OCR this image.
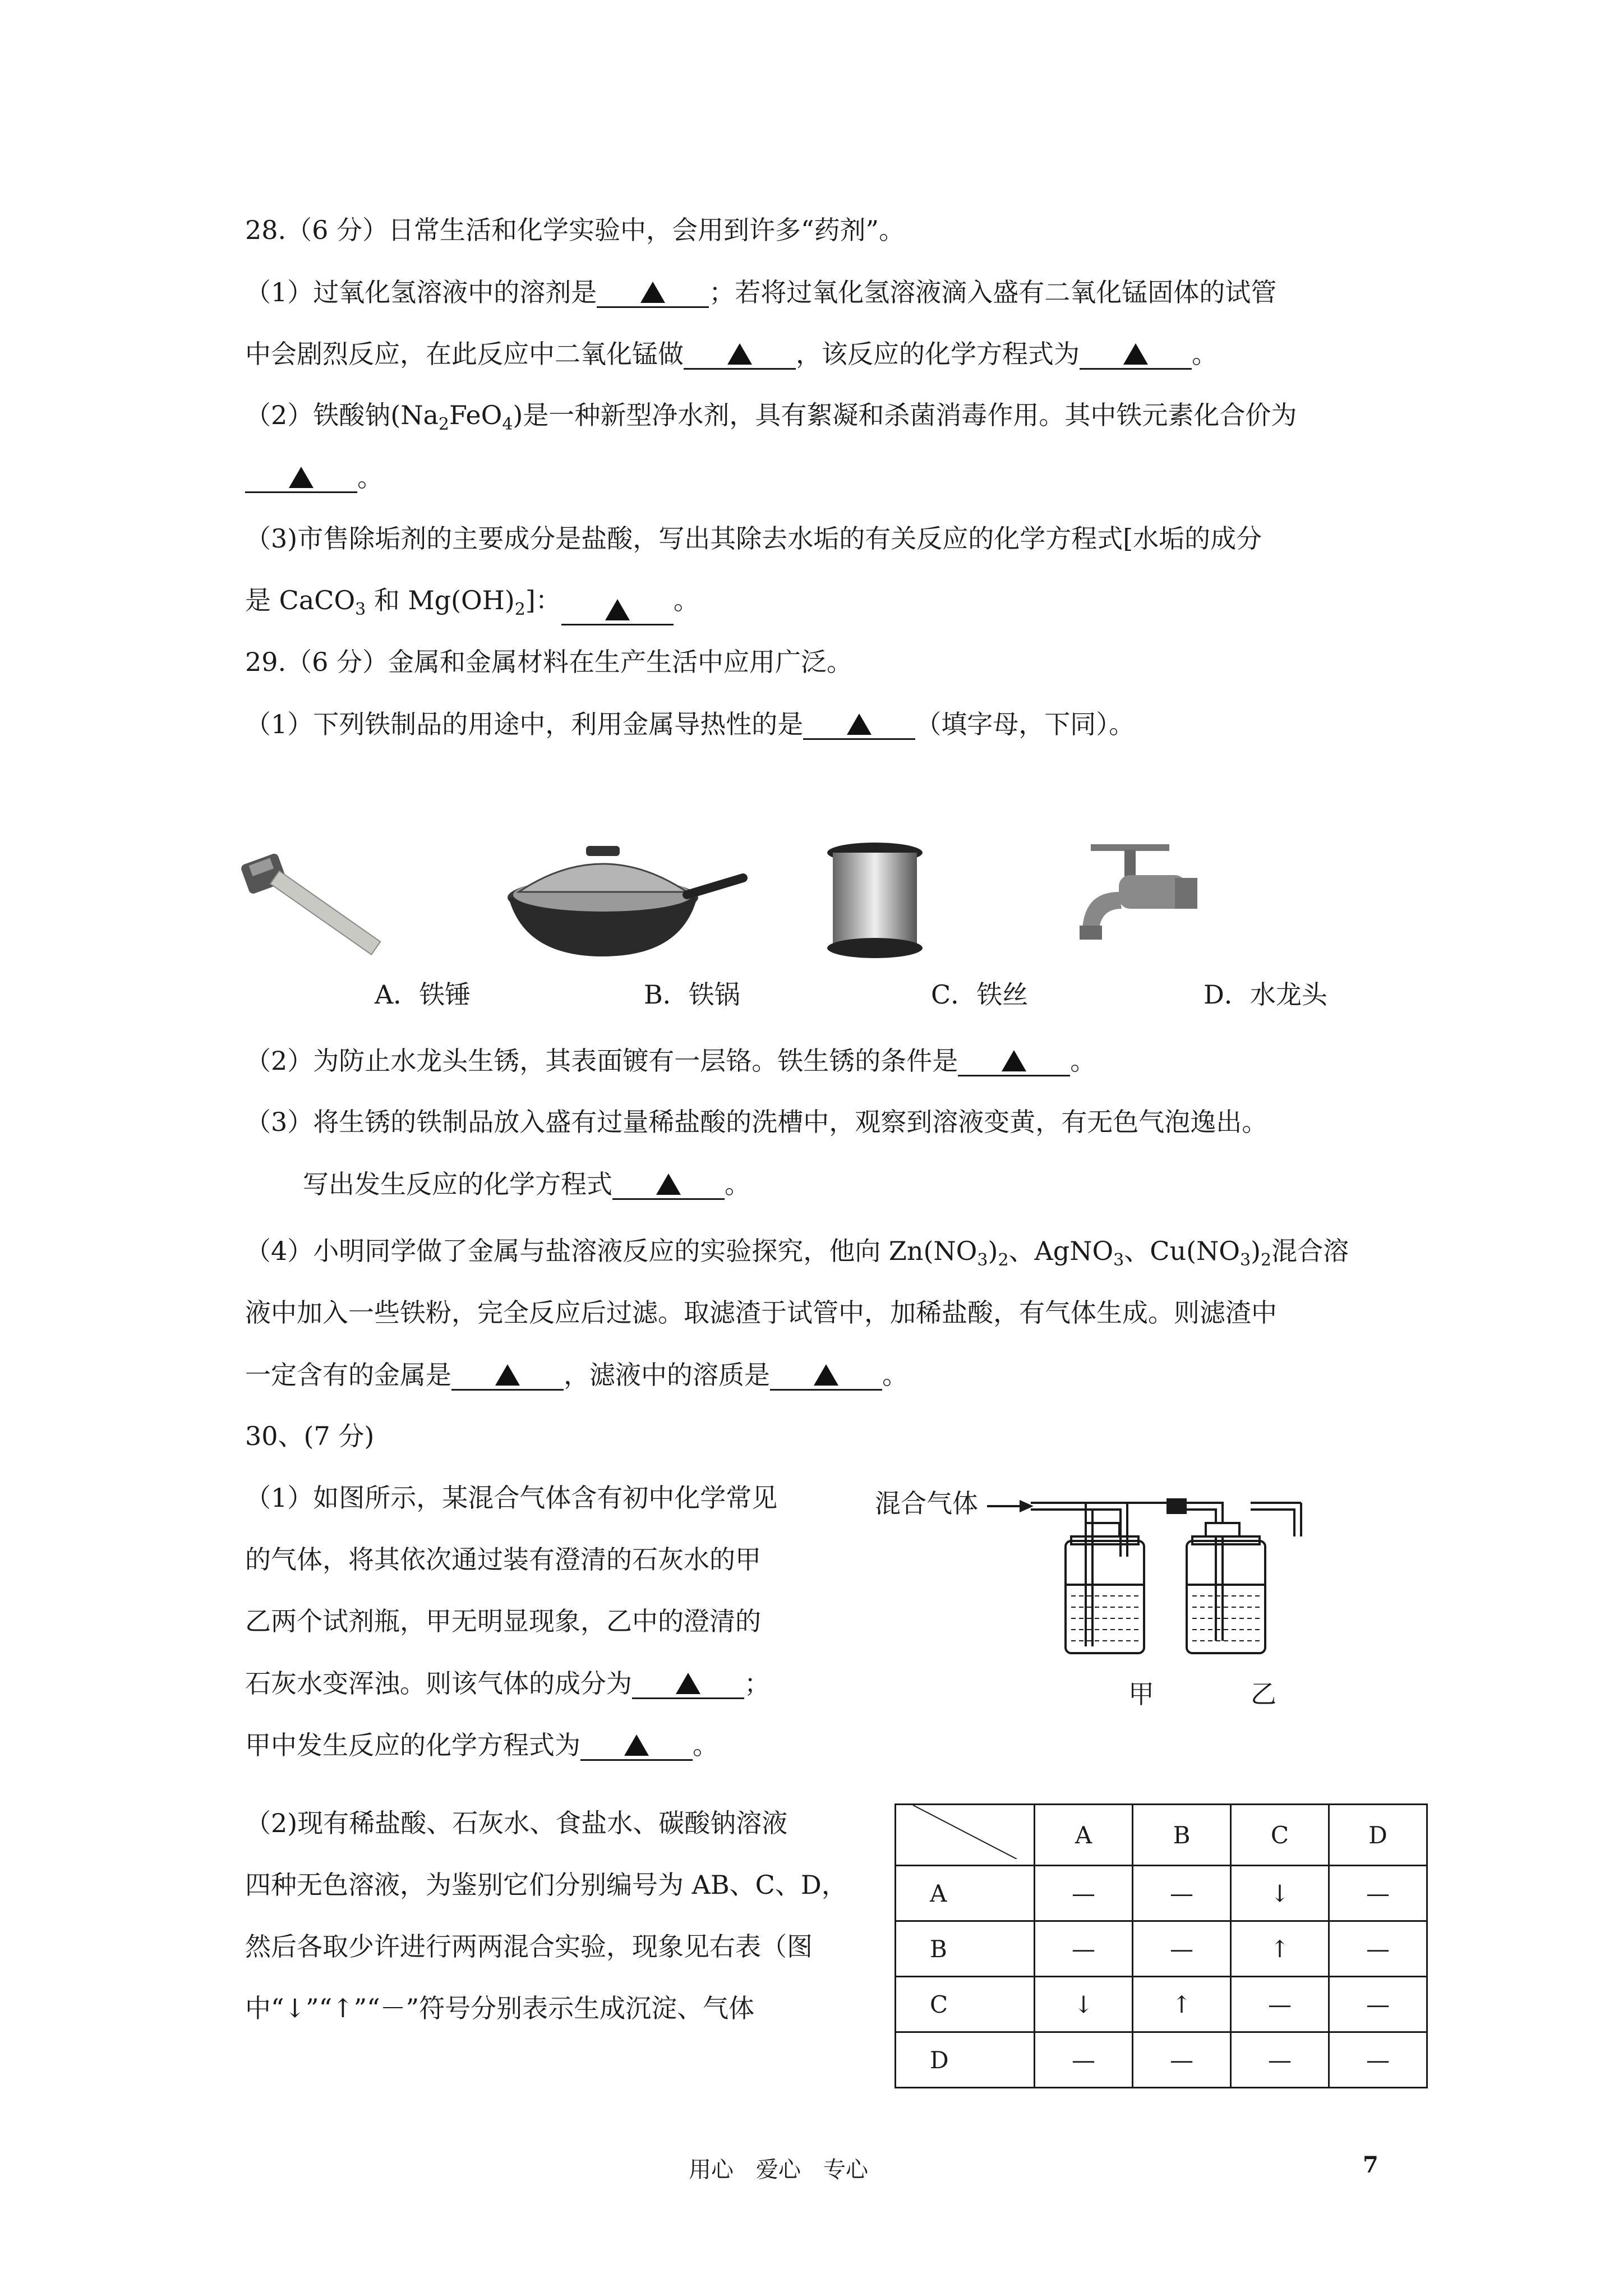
28.（6 分）日常生活和化学实验中，会用到许多“药剂”。
（1）过氧化氢溶液中的溶剂是	；若将过氧化氢溶液滴入盛有二氧化锰固体的试管
中会剧烈反应，在此反应中二氧化锰做	，该反应的化学方程式为	。
（2）铁酸钠$(Na_2FeO_4)$是一种新型净水剂，具有絮凝和杀菌消毒作用。其中铁元素化合价为
。
（3)市售除垢剂的主要成分是盐酸，写出其除去水垢的有关反应的化学方程式[水垢的成分
是 CaCO$_3$ 和 $Mg(OH)_2$]：	。
29.（6 分）金属和金属材料在生产生活中应用广泛。
（1）下列铁制品的用途中，利用金属导热性的是	（填字母，下同）。
A．铁锤	B．铁锅	C．铁丝	D．水龙头
（2）为防止水龙头生锈，其表面镀有一层铬。铁生锈的条件是	。
（3）将生锈的铁制品放入盛有过量稀盐酸的洗槽中，观察到溶液变黄，有无色气泡逸出。
写出发生反应的化学方程式	。
（4）小明同学做了金属与盐溶液反应的实验探究，他向 $Zn(NO_3)_2$、AgNO$_3$、$Cu(NO_3)_2$混合溶
液中加入一些铁粉，完全反应后过滤。取滤渣于试管中，加稀盐酸，有气体生成。则滤渣中
一定含有的金属是	，滤液中的溶质是	。
30、(7 分)
（1）如图所示，某混合气体含有初中化学常见
的气体，将其依次通过装有澄清的石灰水的甲
乙两个试剂瓶，甲无明显现象，乙中的澄清的
石灰水变浑浊。则该气体的成分为	；
甲中发生反应的化学方程式为	。
混合气体
甲	乙
（2)现有稀盐酸、石灰水、食盐水、碳酸钠溶液
四种无色溶液，为鉴别它们分别编号为 AB、C、D，
然后各取少许进行两两混合实验，现象见右表（图
中“↓”“↑”“－”符号分别表示生成沉淀、气体
	A	B	C	D
A	—	—	↓	—
B	—	—	↑	—
C	↓	↑	—	—
D	—	—	—	—
用心　爱心　专心	7
